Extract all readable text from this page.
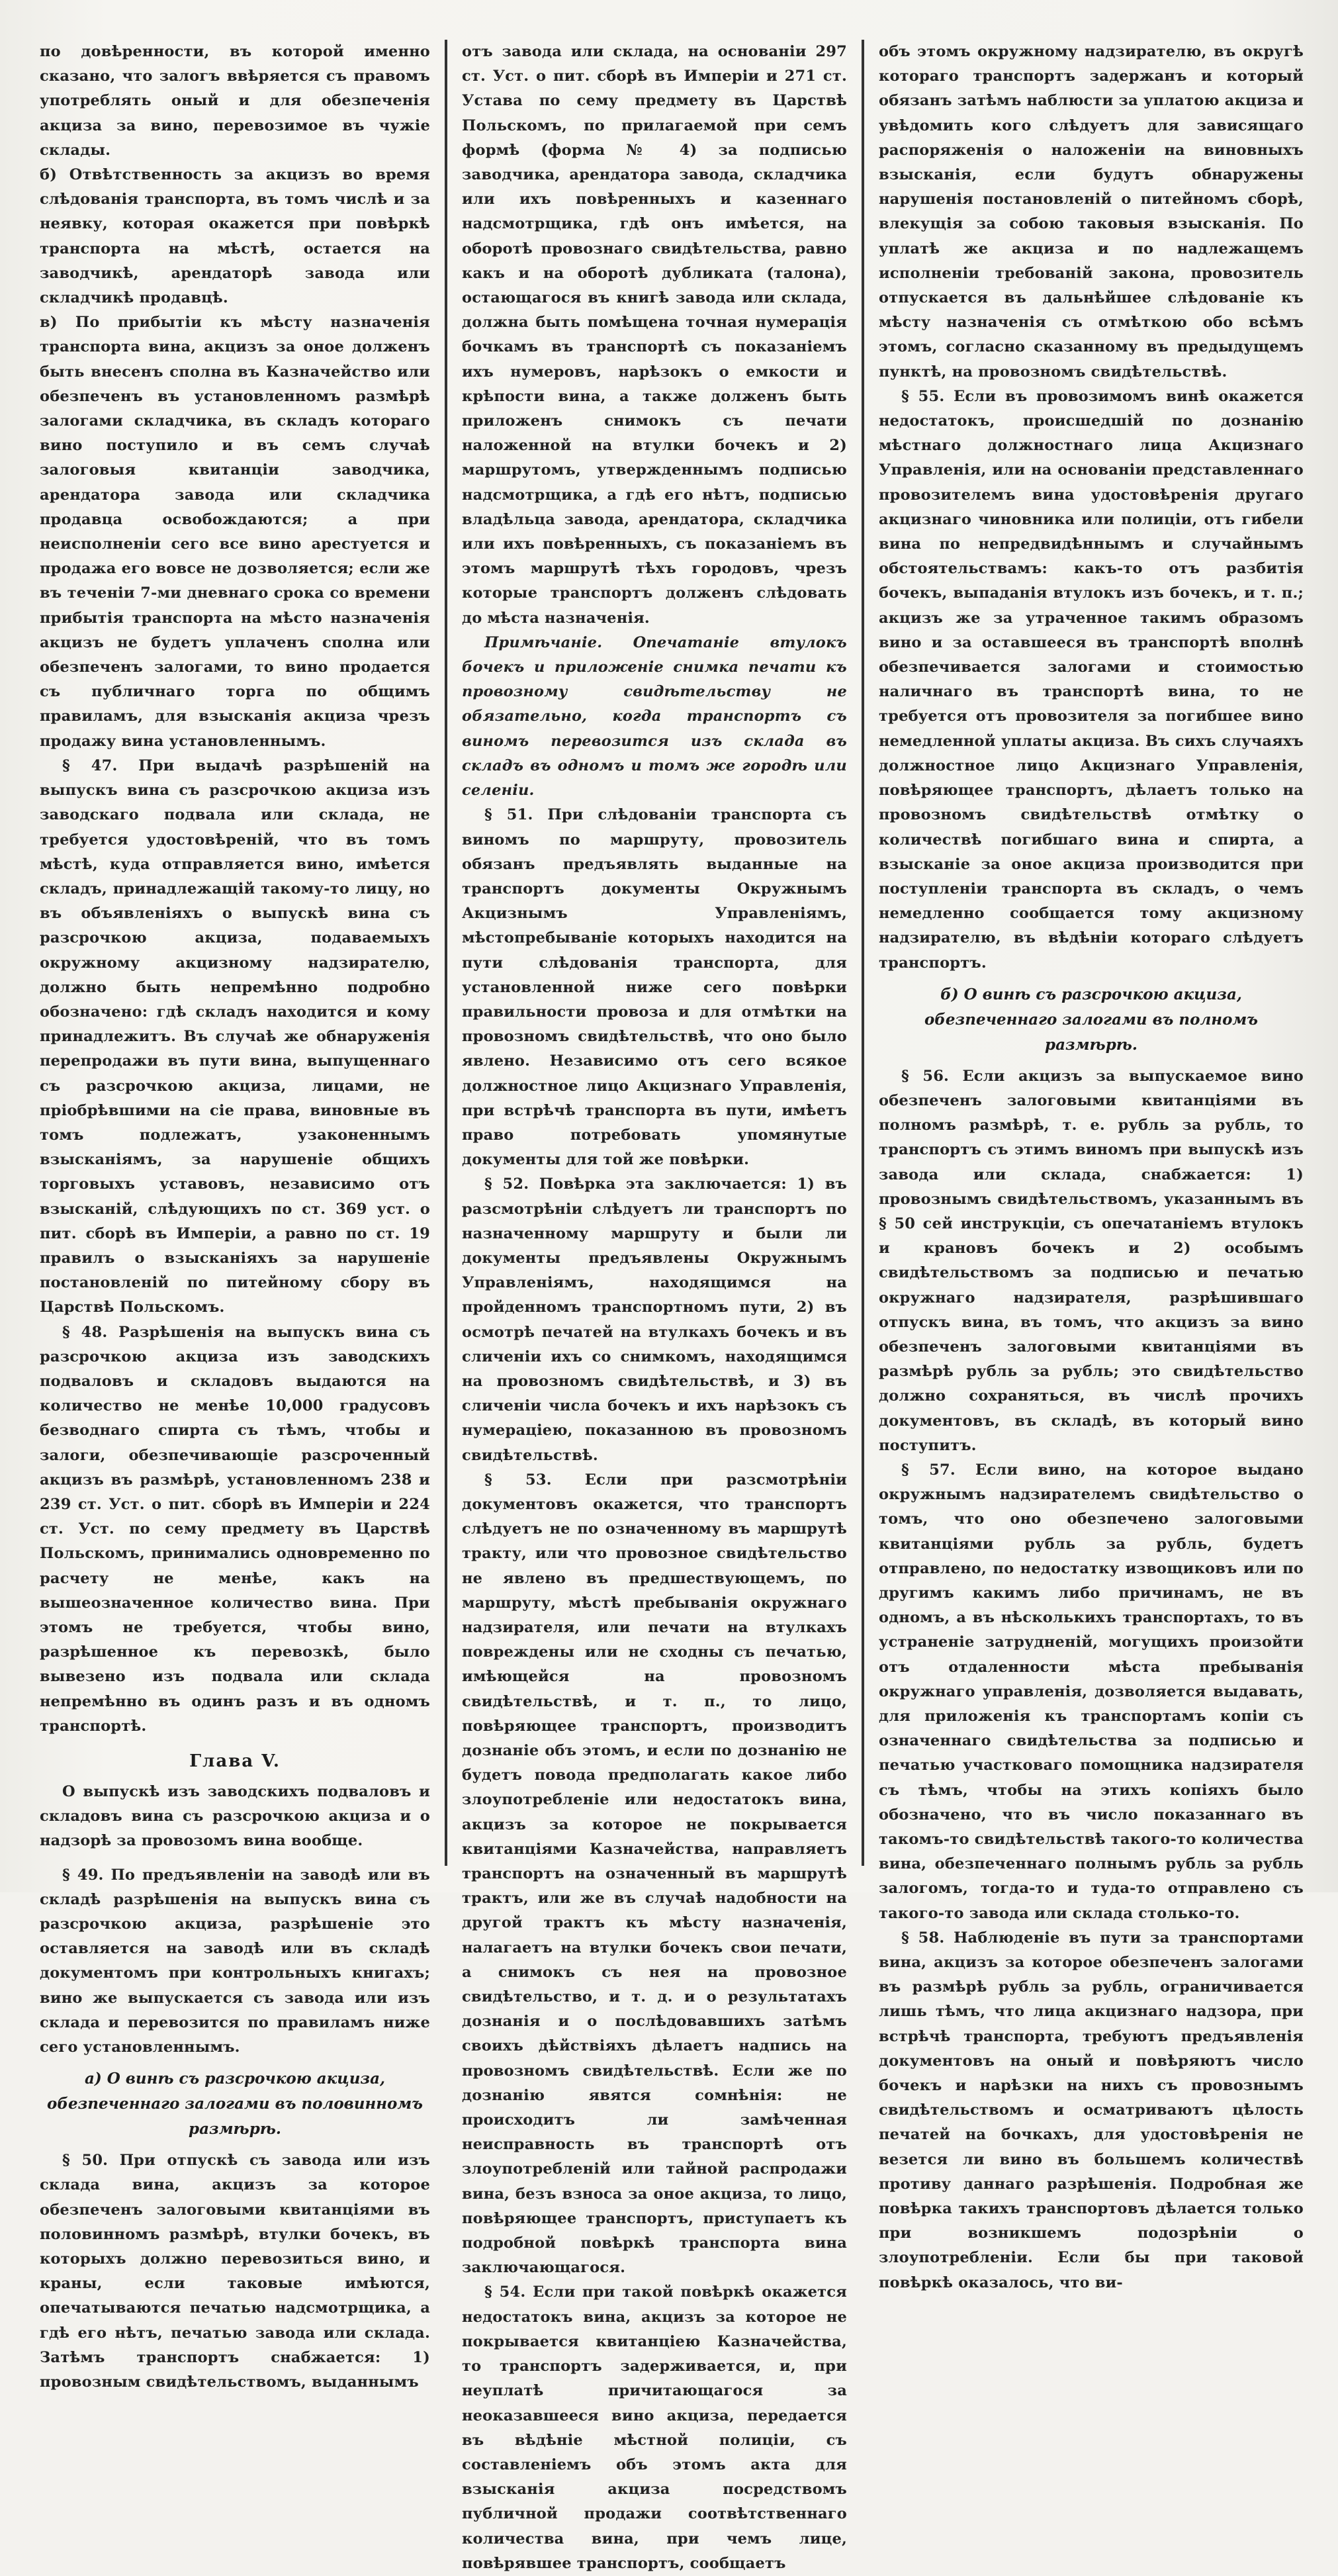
по довѣренности, въ которой именно сказано, что залогъ ввѣряется съ правомъ употреблять оный и для обезпеченія акциза за вино, перевозимое въ чужіе склады.

б) Отвѣтственность за акцизъ во время слѣдованія транспорта, въ томъ числѣ и за неявку, которая окажется при повѣркѣ транспорта на мѣстѣ, остается на заводчикѣ, арендаторѣ завода или складчикѣ продавцѣ.

в) По прибытіи къ мѣсту назначенія транспорта вина, акцизъ за оное долженъ быть внесенъ сполна въ Казначейство или обезпеченъ въ установленномъ размѣрѣ залогами складчика, въ складъ котораго вино поступило и въ семъ случаѣ залоговыя квитанціи заводчика, арендатора завода или складчика продавца освобождаются; а при неисполненіи сего все вино арестуется и продажа его вовсе не дозволяется; если же въ теченіи 7-ми дневнаго срока со времени прибытія транспорта на мѣсто назначенія акцизъ не будетъ уплаченъ сполна или обезпеченъ залогами, то вино продается съ публичнаго торга по общимъ правиламъ, для взысканія акциза чрезъ продажу вина установленнымъ.

§ 47. При выдачѣ разрѣшеній на выпускъ вина съ разсрочкою акциза изъ заводскаго подвала или склада, не требуется удостовѣреній, что въ томъ мѣстѣ, куда отправляется вино, имѣется складъ, принадлежащій такому-то лицу, но въ объявленіяхъ о выпускѣ вина съ разсрочкою акциза, подаваемыхъ окружному акцизному надзирателю, должно быть непремѣнно подробно обозначено: гдѣ складъ находится и кому принадлежитъ. Въ случаѣ же обнаруженія перепродажи въ пути вина, выпущеннаго съ разсрочкою акциза, лицами, не пріобрѣвшими на сіе права, виновные въ томъ подлежатъ, узаконеннымъ взысканіямъ, за нарушеніе общихъ торговыхъ уставовъ, независимо отъ взысканій, слѣдующихъ по ст. 369 уст. о пит. сборѣ въ Имперіи, а равно по ст. 19 правилъ о взысканіяхъ за нарушеніе постановленій по питейному сбору въ Царствѣ Польскомъ.

§ 48. Разрѣшенія на выпускъ вина съ разсрочкою акциза изъ заводскихъ подваловъ и складовъ выдаются на количество не менѣе 10,000 градусовъ безводнаго спирта съ тѣмъ, чтобы и залоги, обезпечивающіе разсроченный акцизъ въ размѣрѣ, установленномъ 238 и 239 ст. Уст. о пит. сборѣ въ Имперіи и 224 ст. Уст. по сему предмету въ Царствѣ Польскомъ, принимались одновременно по расчету не менѣе, какъ на вышеозначенное количество вина. При этомъ не требуется, чтобы вино, разрѣшенное къ перевозкѣ, было вывезено изъ подвала или склада непремѣнно въ одинъ разъ и въ одномъ транспортѣ.

Глава V.

О выпускѣ изъ заводскихъ подваловъ и складовъ вина съ разсрочкою акциза и о надзорѣ за провозомъ вина вообще.

§ 49. По предъявленіи на заводѣ или въ складѣ разрѣшенія на выпускъ вина съ разсрочкою акциза, разрѣшеніе это оставляется на заводѣ или въ складѣ документомъ при контрольныхъ книгахъ; вино же выпускается съ завода или изъ склада и перевозится по правиламъ ниже сего установленнымъ.

а) О винѣ съ разсрочкою акциза, обезпеченнаго залогами въ половинномъ размѣрѣ.

§ 50. При отпускѣ съ завода или изъ склада вина, акцизъ за которое обезпеченъ залоговыми квитанціями въ половинномъ размѣрѣ, втулки бочекъ, въ которыхъ должно перевозиться вино, и краны, если таковые имѣются, опечатываются печатью надсмотрщика, а гдѣ его нѣтъ, печатью завода или склада. Затѣмъ транспортъ снабжается: 1) провозным свидѣтельствомъ, выданнымъ

отъ завода или склада, на основаніи 297 ст. Уст. о пит. сборѣ въ Имперіи и 271 ст. Устава по сему предмету въ Царствѣ Польскомъ, по прилагаемой при семъ формѣ (форма № 4) за подписью заводчика, арендатора завода, складчика или ихъ повѣренныхъ и казеннаго надсмотрщика, гдѣ онъ имѣется, на оборотѣ провознаго свидѣтельства, равно какъ и на оборотѣ дубликата (талона), остающагося въ книгѣ завода или склада, должна быть помѣщена точная нумерація бочкамъ въ транспортѣ съ показаніемъ ихъ нумеровъ, нарѣзокъ о емкости и крѣпости вина, а также долженъ быть приложенъ снимокъ съ печати наложенной на втулки бочекъ и 2) маршрутомъ, утвержденнымъ подписью надсмотрщика, а гдѣ его нѣтъ, подписью владѣльца завода, арендатора, складчика или ихъ повѣренныхъ, съ показаніемъ въ этомъ маршрутѣ тѣхъ городовъ, чрезъ которые транспортъ долженъ слѣдовать до мѣста назначенія.

Примѣчаніе. Опечатаніе втулокъ бочекъ и приложеніе снимка печати къ провозному свидѣтельству не обязательно, когда транспортъ съ виномъ перевозится изъ склада въ складъ въ одномъ и томъ же городѣ или селеніи.

§ 51. При слѣдованіи транспорта съ виномъ по маршруту, провозитель обязанъ предъявлять выданные на транспортъ документы Окружнымъ Акцизнымъ Управленіямъ, мѣстопребываніе которыхъ находится на пути слѣдованія транспорта, для установленной ниже сего повѣрки правильности провоза и для отмѣтки на провозномъ свидѣтельствѣ, что оно было явлено. Независимо отъ сего всякое должностное лицо Акцизнаго Управленія, при встрѣчѣ транспорта въ пути, имѣетъ право потребовать упомянутые документы для той же повѣрки.

§ 52. Повѣрка эта заключается: 1) въ разсмотрѣніи слѣдуетъ ли транспортъ по назначенному маршруту и были ли документы предъявлены Окружнымъ Управленіямъ, находящимся на пройденномъ транспортномъ пути, 2) въ осмотрѣ печатей на втулкахъ бочекъ и въ сличеніи ихъ со снимкомъ, находящимся на провозномъ свидѣтельствѣ, и 3) въ сличеніи числа бочекъ и ихъ нарѣзокъ съ нумераціею, показанною въ провозномъ свидѣтельствѣ.

§ 53. Если при разсмотрѣніи документовъ окажется, что транспортъ слѣдуетъ не по означенному въ маршрутѣ тракту, или что провозное свидѣтельство не явлено въ предшествующемъ, по маршруту, мѣстѣ пребыванія окружнаго надзирателя, или печати на втулкахъ повреждены или не сходны съ печатью, имѣющейся на провозномъ свидѣтельствѣ, и т. п., то лицо, повѣряющее транспортъ, производитъ дознаніе объ этомъ, и если по дознанію не будетъ повода предполагать какое либо злоупотребленіе или недостатокъ вина, акцизъ за которое не покрывается квитанціями Казначейства, направляетъ транспортъ на означенный въ маршрутѣ трактъ, или же въ случаѣ надобности на другой трактъ къ мѣсту назначенія, налагаетъ на втулки бочекъ свои печати, а снимокъ съ нея на провозное свидѣтельство, и т. д. и о результатахъ дознанія и о послѣдовавшихъ затѣмъ своихъ дѣйствіяхъ дѣлаетъ надпись на провозномъ свидѣтельствѣ. Если же по дознанію явятся сомнѣнія: не происходитъ ли замѣченная неисправность въ транспортѣ отъ злоупотребленій или тайной распродажи вина, безъ взноса за оное акциза, то лицо, повѣряющее транспортъ, приступаетъ къ подробной повѣркѣ транспорта вина заключающагося.

§ 54. Если при такой повѣркѣ окажется недостатокъ вина, акцизъ за которое не покрывается квитанціею Казначейства, то транспортъ задерживается, и, при неуплатѣ причитающагося за неоказавшееся вино акциза, передается въ вѣдѣніе мѣстной полиціи, съ составленіемъ объ этомъ акта для взысканія акциза посредствомъ публичной продажи соотвѣтственнаго количества вина, при чемъ лице, повѣрявшее транспортъ, сообщаетъ

объ этомъ окружному надзирателю, въ округѣ котораго транспортъ задержанъ и который обязанъ затѣмъ наблюсти за уплатою акциза и увѣдомить кого слѣдуетъ для зависящаго распоряженія о наложеніи на виновныхъ взысканія, если будутъ обнаружены нарушенія постановленій о питейномъ сборѣ, влекущія за собою таковыя взысканія. По уплатѣ же акциза и по надлежащемъ исполненіи требованій закона, провозитель отпускается въ дальнѣйшее слѣдованіе къ мѣсту назначенія съ отмѣткою обо всѣмъ этомъ, согласно сказанному въ предыдущемъ пунктѣ, на провозномъ свидѣтельствѣ.

§ 55. Если въ провозимомъ винѣ окажется недостатокъ, происшедшій по дознанію мѣстнаго должностнаго лица Акцизнаго Управленія, или на основаніи представленнаго провозителемъ вина удостовѣренія другаго акцизнаго чиновника или полиціи, отъ гибели вина по непредвидѣннымъ и случайнымъ обстоятельствамъ: какъ-то отъ разбитія бочекъ, выпаданія втулокъ изъ бочекъ, и т. п.; акцизъ же за утраченное такимъ образомъ вино и за оставшееся въ транспортѣ вполнѣ обезпечивается залогами и стоимостью наличнаго въ транспортѣ вина, то не требуется отъ провозителя за погибшее вино немедленной уплаты акциза. Въ сихъ случаяхъ должностное лицо Акцизнаго Управленія, повѣряющее транспортъ, дѣлаетъ только на провозномъ свидѣтельствѣ отмѣтку о количествѣ погибшаго вина и спирта, а взысканіе за оное акциза производится при поступленіи транспорта въ складъ, о чемъ немедленно сообщается тому акцизному надзирателю, въ вѣдѣніи котораго слѣдуетъ транспортъ.

б) О винѣ съ разсрочкою акциза, обезпеченнаго залогами въ полномъ размѣрѣ.

§ 56. Если акцизъ за выпускаемое вино обезпеченъ залоговыми квитанціями въ полномъ размѣрѣ, т. е. рубль за рубль, то транспортъ съ этимъ виномъ при выпускѣ изъ завода или склада, снабжается: 1) провознымъ свидѣтельствомъ, указаннымъ въ § 50 сей инструкціи, съ опечатаніемъ втулокъ и крановъ бочекъ и 2) особымъ свидѣтельствомъ за подписью и печатью окружнаго надзирателя, разрѣшившаго отпускъ вина, въ томъ, что акцизъ за вино обезпеченъ залоговыми квитанціями въ размѣрѣ рубль за рубль; это свидѣтельство должно сохраняться, въ числѣ прочихъ документовъ, въ складѣ, въ который вино поступитъ.

§ 57. Если вино, на которое выдано окружнымъ надзирателемъ свидѣтельство о томъ, что оно обезпечено залоговыми квитанціями рубль за рубль, будетъ отправлено, по недостатку извощиковъ или по другимъ какимъ либо причинамъ, не въ одномъ, а въ нѣсколькихъ транспортахъ, то въ устраненіе затрудненій, могущихъ произойти отъ отдаленности мѣста пребыванія окружнаго управленія, дозволяется выдавать, для приложенія къ транспортамъ копіи съ означеннаго свидѣтельства за подписью и печатью участковаго помощника надзирателя съ тѣмъ, чтобы на этихъ копіяхъ было обозначено, что въ число показаннаго въ такомъ-то свидѣтельствѣ такого-то количества вина, обезпеченнаго полнымъ рубль за рубль залогомъ, тогда-то и туда-то отправлено съ такого-то завода или склада столько-то.

§ 58. Наблюденіе въ пути за транспортами вина, акцизъ за которое обезпеченъ залогами въ размѣрѣ рубль за рубль, ограничивается лишь тѣмъ, что лица акцизнаго надзора, при встрѣчѣ транспорта, требуютъ предъявленія документовъ на оный и повѣряютъ число бочекъ и нарѣзки на нихъ съ провознымъ свидѣтельствомъ и осматриваютъ цѣлость печатей на бочкахъ, для удостовѣренія не везется ли вино въ большемъ количествѣ противу даннаго разрѣшенія. Подробная же повѣрка такихъ транспортовъ дѣлается только при возникшемъ подозрѣніи о злоупотребленіи. Если бы при таковой повѣркѣ оказалось, что ви-
